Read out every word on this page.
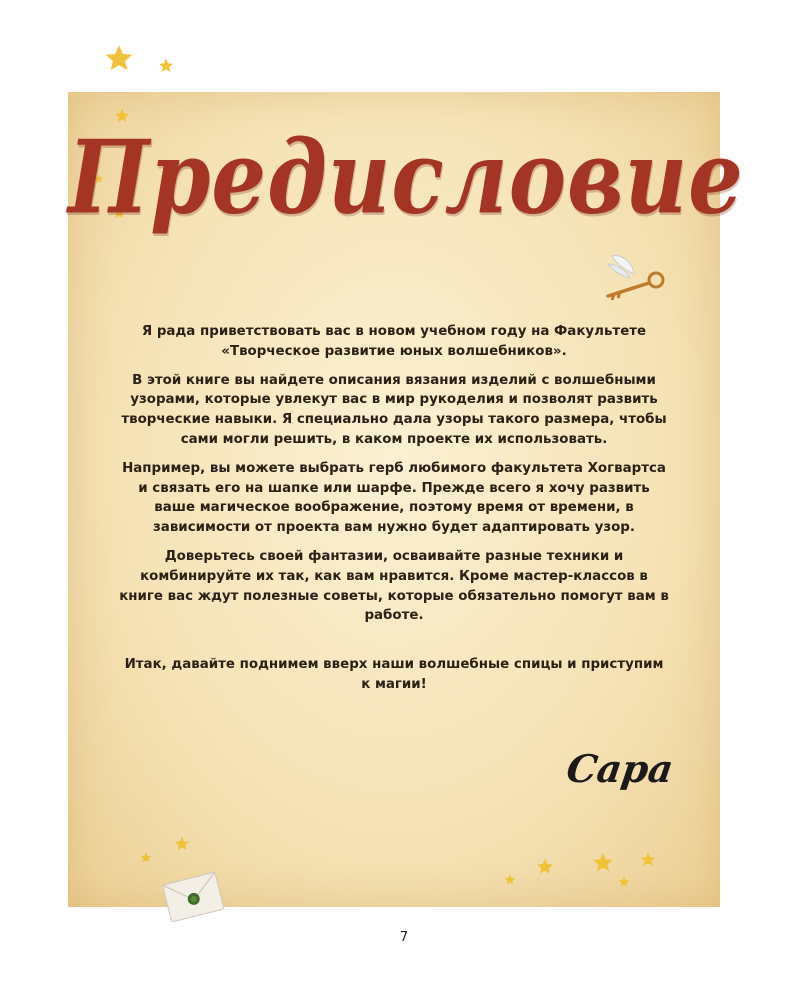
Предисловие

Я рада приветствовать вас в новом учебном году на Факультете «Творческое развитие юных волшебников».

В этой книге вы найдете описания вязания изделий с волшебными узорами, которые увлекут вас в мир рукоделия и позволят развить творческие навыки. Я специально дала узоры такого размера, чтобы сами могли решить, в каком проекте их использовать.

Например, вы можете выбрать герб любимого факультета Хогвартса и связать его на шапке или шарфе. Прежде всего я хочу развить ваше магическое воображение, поэтому время от времени, в зависимости от проекта вам нужно будет адаптировать узор.

Доверьтесь своей фантазии, осваивайте разные техники и комбинируйте их так, как вам нравится. Кроме мастер-классов в книге вас ждут полезные советы, которые обязательно помогут вам в работе.

Итак, давайте поднимем вверх наши волшебные спицы и приступим к магии!

Сара
7
